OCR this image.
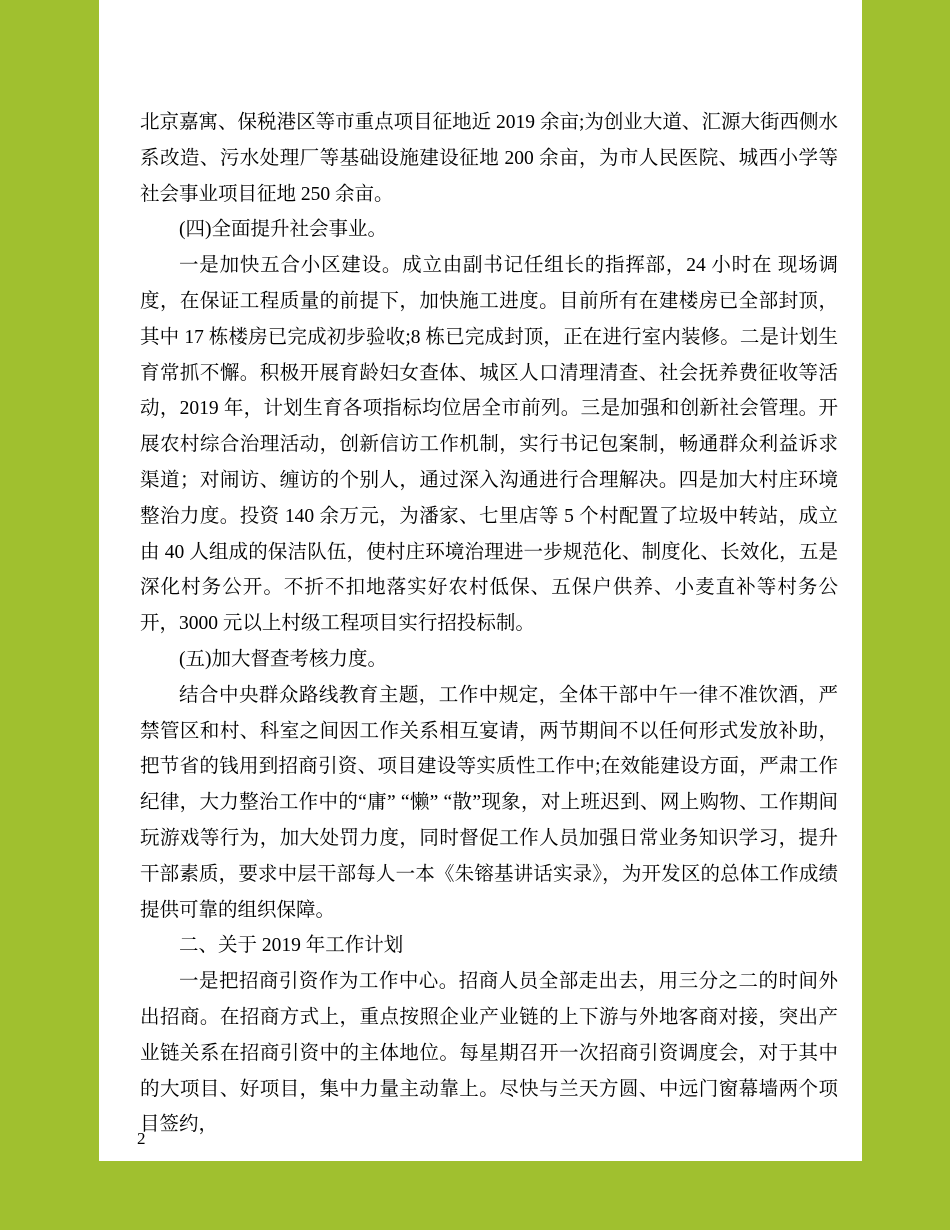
北京嘉寓、保税港区等市重点项目征地近 2019 余亩;为创业大道、汇源大街西侧水系改造、污水处理厂等基础设施建设征地 200 余亩，为市人民医院、城西小学等社会事业项目征地 250 余亩。

(四)全面提升社会事业。

一是加快五合小区建设。成立由副书记任组长的指挥部，24 小时在 现场调度，在保证工程质量的前提下，加快施工进度。目前所有在建楼房已全部封顶，其中 17 栋楼房已完成初步验收;8 栋已完成封顶，正在进行室内装修。二是计划生育常抓不懈。积极开展育龄妇女查体、城区人口清理清查、社会抚养费征收等活动，2019 年，计划生育各项指标均位居全市前列。三是加强和创新社会管理。开展农村综合治理活动，创新信访工作机制，实行书记包案制，畅通群众利益诉求渠道；对闹访、缠访的个别人，通过深入沟通进行合理解决。四是加大村庄环境整治力度。投资 140 余万元，为潘家、七里店等 5 个村配置了垃圾中转站，成立由 40 人组成的保洁队伍，使村庄环境治理进一步规范化、制度化、长效化，五是深化村务公开。不折不扣地落实好农村低保、五保户供养、小麦直补等村务公开，3000 元以上村级工程项目实行招投标制。

(五)加大督查考核力度。

结合中央群众路线教育主题，工作中规定，全体干部中午一律不准饮酒，严禁管区和村、科室之间因工作关系相互宴请，两节期间不以任何形式发放补助，把节省的钱用到招商引资、项目建设等实质性工作中;在效能建设方面，严肃工作纪律，大力整治工作中的“庸” “懒” “散”现象，对上班迟到、网上购物、工作期间玩游戏等行为，加大处罚力度，同时督促工作人员加强日常业务知识学习，提升干部素质，要求中层干部每人一本《朱镕基讲话实录》，为开发区的总体工作成绩提供可靠的组织保障。

二、关于 2019 年工作计划

一是把招商引资作为工作中心。招商人员全部走出去，用三分之二的时间外出招商。在招商方式上，重点按照企业产业链的上下游与外地客商对接，突出产业链关系在招商引资中的主体地位。每星期召开一次招商引资调度会，对于其中的大项目、好项目，集中力量主动靠上。尽快与兰天方圆、中远门窗幕墙两个项目签约，

2
